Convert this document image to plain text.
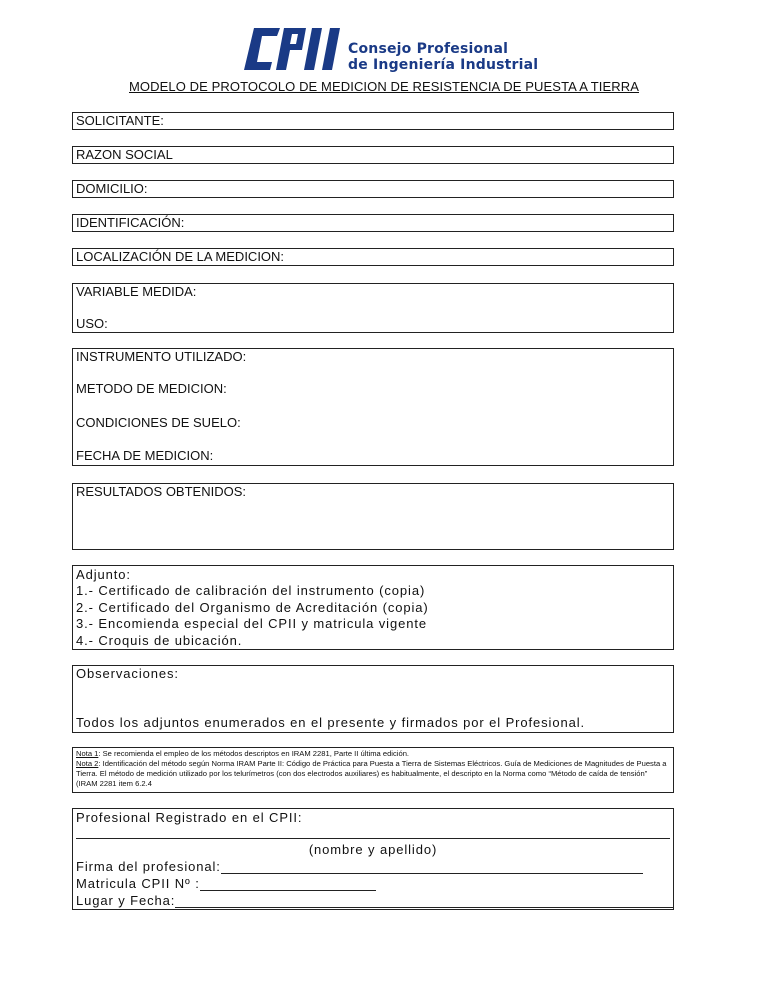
Consejo Profesional
de Ingeniería Industrial
MODELO DE PROTOCOLO DE MEDICION DE RESISTENCIA DE PUESTA A TIERRA
SOLICITANTE:
RAZON SOCIAL
DOMICILIO:
IDENTIFICACIÓN:
LOCALIZACIÓN DE LA MEDICION:
VARIABLE MEDIDA:
USO:
INSTRUMENTO UTILIZADO:
METODO DE MEDICION:
CONDICIONES DE SUELO:
FECHA DE MEDICION:
RESULTADOS OBTENIDOS:
Adjunto:
1.- Certificado de calibración del instrumento (copia)
2.- Certificado del Organismo de Acreditación (copia)
3.- Encomienda especial del CPII y matricula vigente
4.- Croquis de ubicación.
Observaciones:
Todos los adjuntos enumerados en el presente y firmados por el Profesional.

Nota 1: Se recomienda el empleo de los métodos descriptos en IRAM 2281, Parte II última edición.

Nota 2: Identificación del método según Norma IRAM Parte II: Código de Práctica para Puesta a Tierra de Sistemas Eléctricos. Guía de Mediciones de Magnitudes de Puesta a Tierra. El método de medición utilizado por los telurímetros (con dos electrodos auxiliares) es habitualmente, el descripto en la Norma como “Método de caída de tensión” (IRAM 2281 item 6.2.4

Profesional Registrado en el CPII:
(nombre y apellido)
Firma del profesional:
Matricula CPII Nº :
Lugar y Fecha:
